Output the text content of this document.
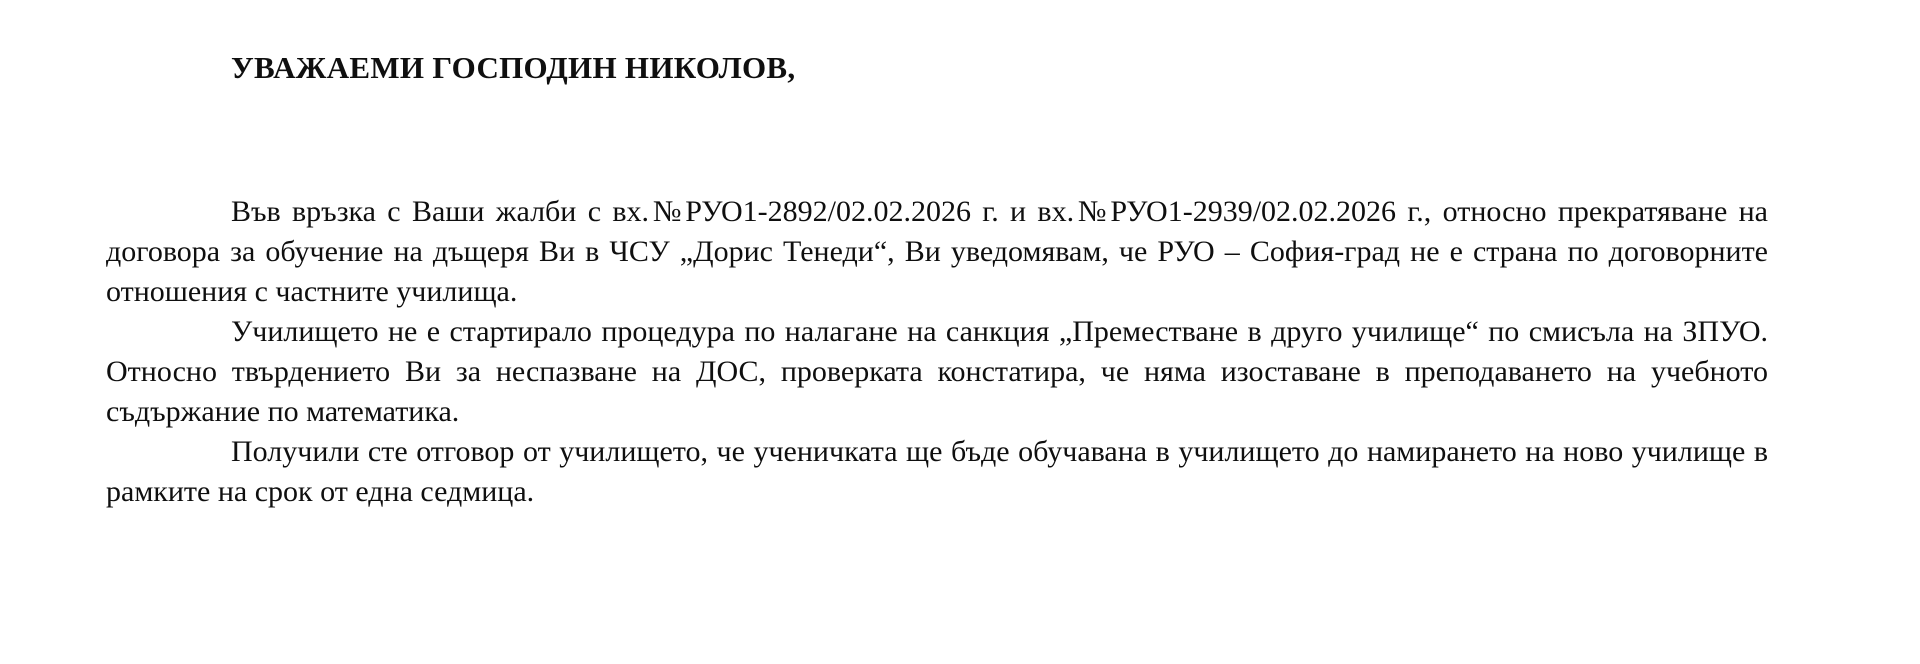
УВАЖАЕМИ ГОСПОДИН НИКОЛОВ,

Във връзка с Ваши жалби с вх.№РУО1-2892/02.02.2026 г. и вх.№РУО1-2939/02.02.2026 г., относно прекратяване на договора за обучение на дъщеря Ви в ЧСУ „Дорис Тенеди“, Ви уведомявам, че РУО – София-град не е страна по договорните отношения с частните училища.

Училището не е стартирало процедура по налагане на санкция „Преместване в друго училище“ по смисъла на ЗПУО. Относно твърдението Ви за неспазване на ДОС, проверката констатира, че няма изоставане в преподаването на учебното съдържание по математика.

Получили сте отговор от училището, че ученичката ще бъде обучавана в училището до намирането на ново училище в рамките на срок от една седмица.
